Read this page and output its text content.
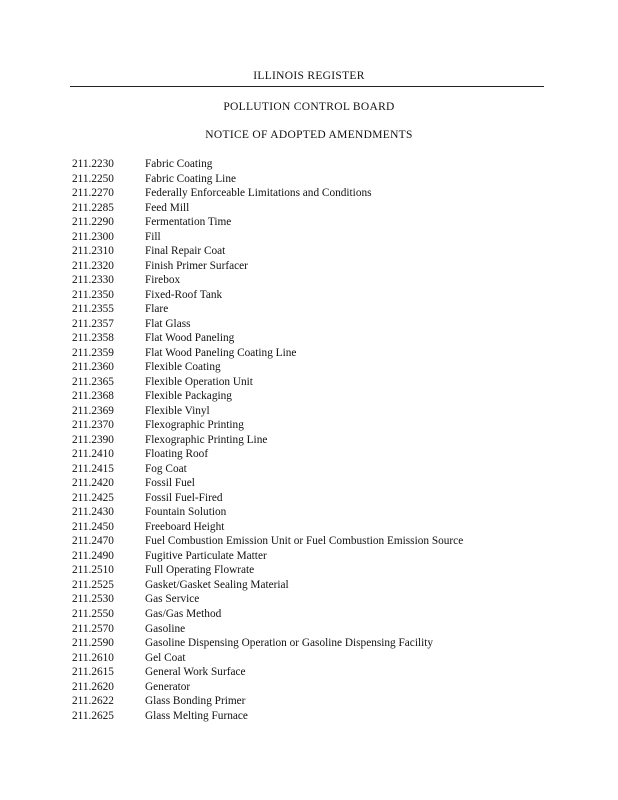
ILLINOIS REGISTER
POLLUTION CONTROL BOARD
NOTICE OF ADOPTED AMENDMENTS
211.2230	Fabric Coating
211.2250	Fabric Coating Line
211.2270	Federally Enforceable Limitations and Conditions
211.2285	Feed Mill
211.2290	Fermentation Time
211.2300	Fill
211.2310	Final Repair Coat
211.2320	Finish Primer Surfacer
211.2330	Firebox
211.2350	Fixed-Roof Tank
211.2355	Flare
211.2357	Flat Glass
211.2358	Flat Wood Paneling
211.2359	Flat Wood Paneling Coating Line
211.2360	Flexible Coating
211.2365	Flexible Operation Unit
211.2368	Flexible Packaging
211.2369	Flexible Vinyl
211.2370	Flexographic Printing
211.2390	Flexographic Printing Line
211.2410	Floating Roof
211.2415	Fog Coat
211.2420	Fossil Fuel
211.2425	Fossil Fuel-Fired
211.2430	Fountain Solution
211.2450	Freeboard Height
211.2470	Fuel Combustion Emission Unit or Fuel Combustion Emission Source
211.2490	Fugitive Particulate Matter
211.2510	Full Operating Flowrate
211.2525	Gasket/Gasket Sealing Material
211.2530	Gas Service
211.2550	Gas/Gas Method
211.2570	Gasoline
211.2590	Gasoline Dispensing Operation or Gasoline Dispensing Facility
211.2610	Gel Coat
211.2615	General Work Surface
211.2620	Generator
211.2622	Glass Bonding Primer
211.2625	Glass Melting Furnace
